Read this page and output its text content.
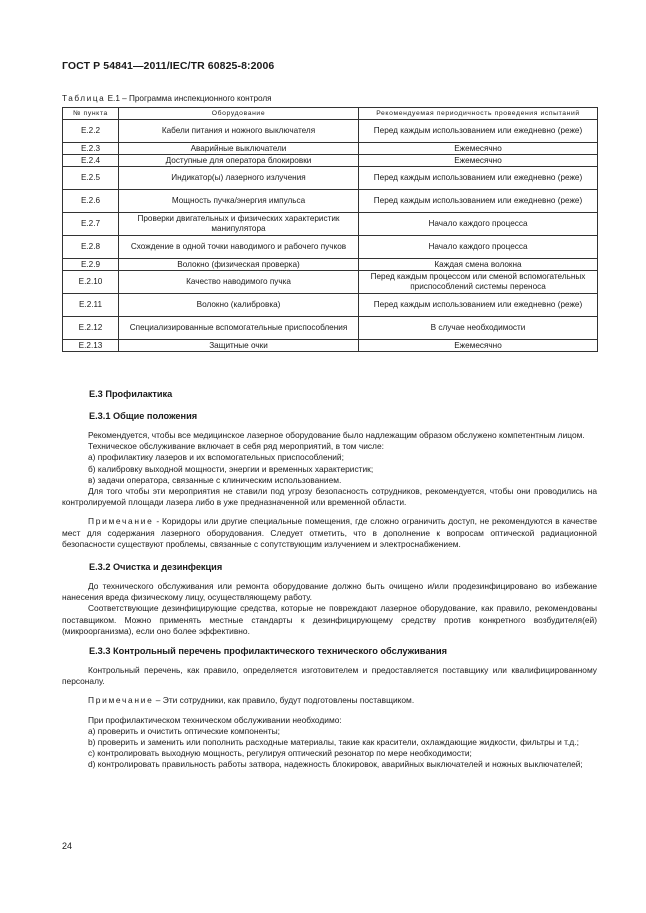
ГОСТ Р 54841—2011/IEC/TR 60825-8:2006
Таблица Е.1 – Программа инспекционного контроля
№ пункта	Оборудование	Рекомендуемая периодичность проведения испытаний
Е.2.2	Кабели питания и ножного выключателя	Перед каждым использованием или ежедневно (реже)
Е.2.3	Аварийные выключатели	Ежемесячно
Е.2.4	Доступные для оператора блокировки	Ежемесячно
Е.2.5	Индикатор(ы) лазерного излучения	Перед каждым использованием или ежедневно (реже)
Е.2.6	Мощность пучка/энергия импульса	Перед каждым использованием или ежедневно (реже)
Е.2.7	Проверки двигательных и физических характеристик манипулятора	Начало каждого процесса
Е.2.8	Схождение в одной точки наводимого и рабочего пучков	Начало каждого процесса
Е.2.9	Волокно (физическая проверка)	Каждая смена волокна
Е.2.10	Качество наводимого пучка	Перед каждым процессом или сменой вспомогательных приспособлений системы переноса
Е.2.11	Волокно (калибровка)	Перед каждым использованием или ежедневно (реже)
Е.2.12	Специализированные вспомогательные приспособления	В случае необходимости
Е.2.13	Защитные очки	Ежемесячно
Е.3 Профилактика
Е.3.1 Общие положения
Рекомендуется, чтобы все медицинское лазерное оборудование было надлежащим образом обслужено компетентным лицом.
Техническое обслуживание включает в себя ряд мероприятий, в том числе:
а) профилактику лазеров и их вспомогательных приспособлений;
б) калибровку выходной мощности, энергии и временных характеристик;
в) задачи оператора, связанные с клиническим использованием.
Для того чтобы эти мероприятия не ставили под угрозу безопасность сотрудников, рекомендуется, чтобы они проводились на контролируемой площади лазера либо в уже предназначенной или временной области.
Примечание - Коридоры или другие специальные помещения, где сложно ограничить доступ, не рекомендуются в качестве мест для содержания лазерного оборудования. Следует отметить, что в дополнение к вопросам оптической радиационной безопасности существуют проблемы, связанные с сопутствующим излучением и электроснабжением.
Е.3.2 Очистка и дезинфекция
До технического обслуживания или ремонта оборудование должно быть очищено и/или продезинфицировано во избежание нанесения вреда физическому лицу, осуществляющему работу.
Соответствующие дезинфицирующие средства, которые не повреждают лазерное оборудование, как правило, рекомендованы поставщиком. Можно применять местные стандарты к дезинфицирующему средству против конкретного возбудителя(ей) (микроорганизма), если оно более эффективно.
Е.3.3 Контрольный перечень профилактического технического обслуживания
Контрольный перечень, как правило, определяется изготовителем и предоставляется поставщику или квалифицированному персоналу.
Примечание – Эти сотрудники, как правило, будут подготовлены поставщиком.
При профилактическом техническом обслуживании необходимо:
а) проверить и очистить оптические компоненты;
b) проверить и заменить или пополнить расходные материалы, такие как красители, охлаждающие жидкости, фильтры и т.д.;
с) контролировать выходную мощность, регулируя оптический резонатор по мере необходимости;
d) контролировать правильность работы затвора, надежность блокировок, аварийных выключателей и ножных выключателей;
24
